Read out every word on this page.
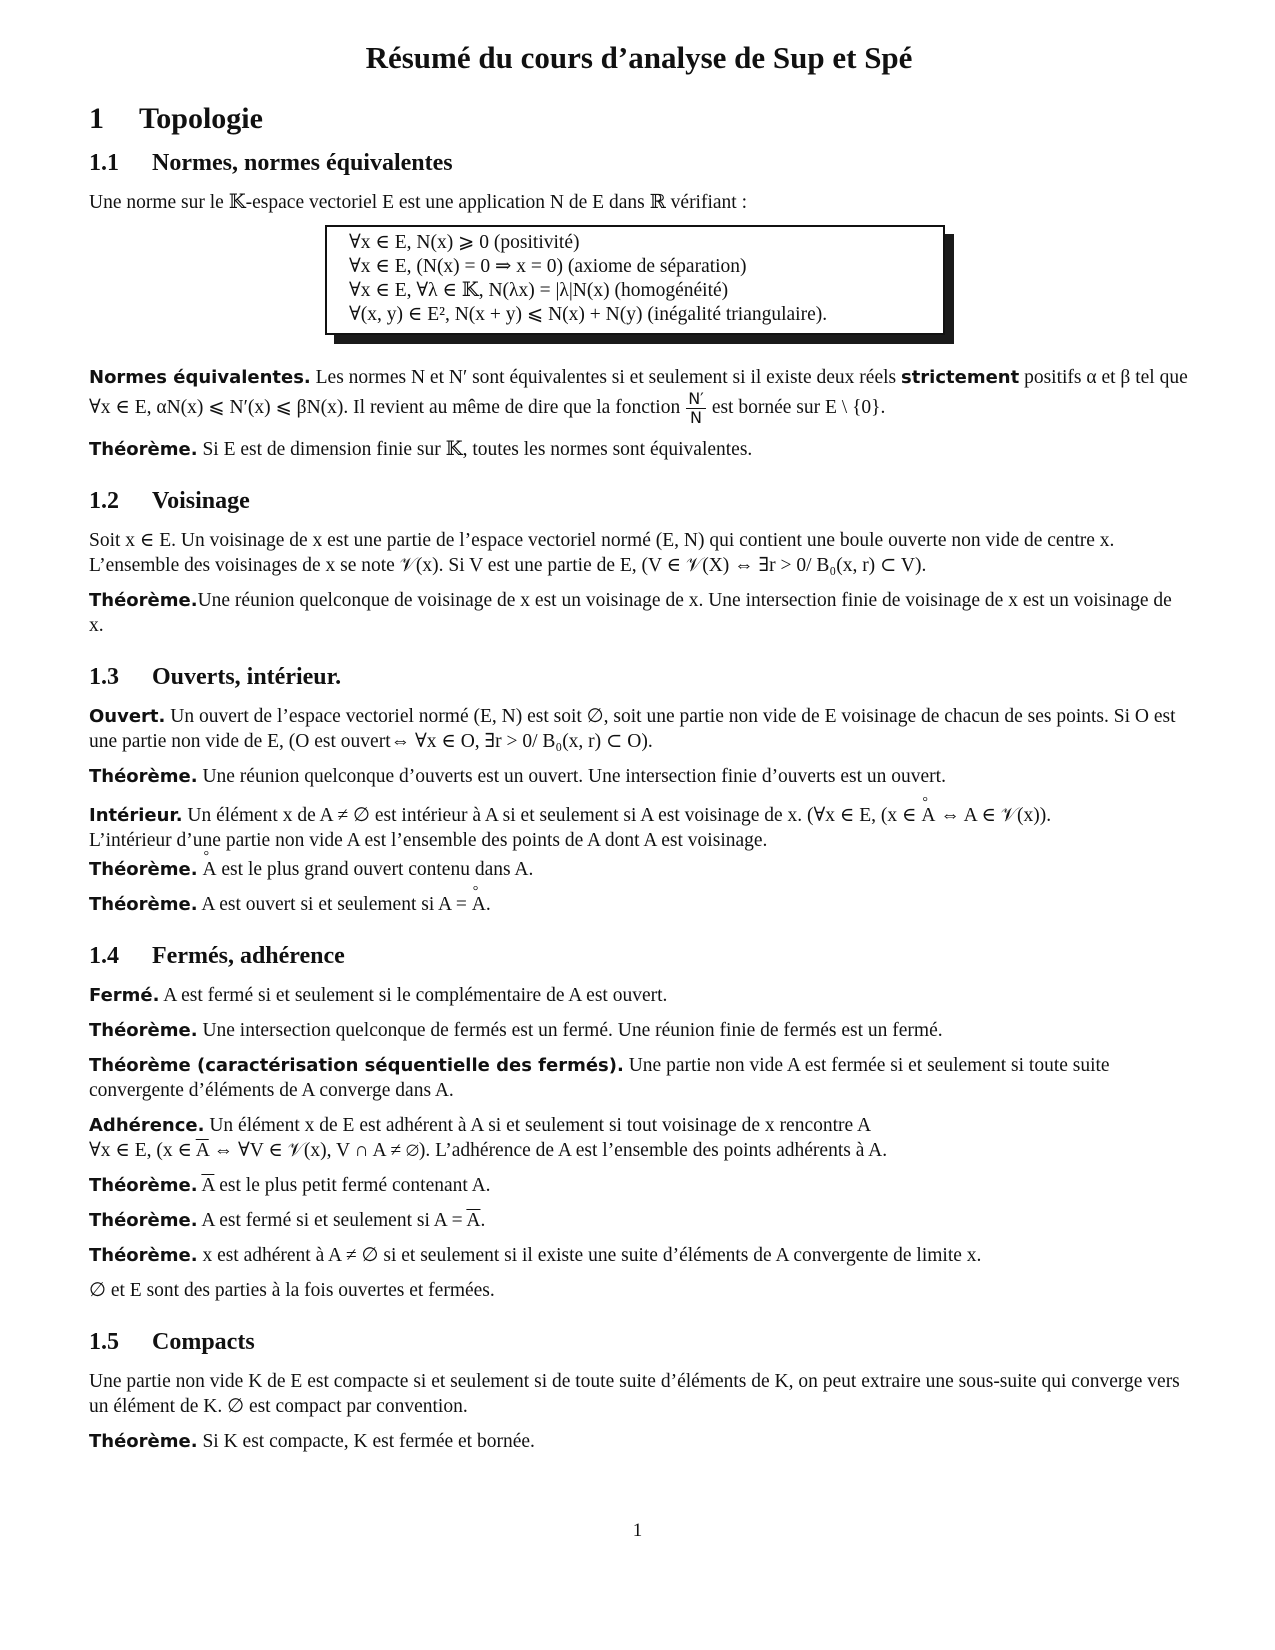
Résumé du cours d’analyse de Sup et Spé
1 Topologie
1.1 Normes, normes équivalentes

Une norme sur le 𝕂-espace vectoriel E est une application N de E dans ℝ vérifiant :

∀x ∈ E, N(x) ⩾ 0 (positivité)
∀x ∈ E, (N(x) = 0 ⇒ x = 0) (axiome de séparation)
∀x ∈ E, ∀λ ∈ 𝕂, N(λx) = |λ|N(x) (homogénéité)
∀(x, y) ∈ E², N(x + y) ⩽ N(x) + N(y) (inégalité triangulaire).

Normes équivalentes. Les normes N et N′ sont équivalentes si et seulement si il existe deux réels strictement positifs α et β tel que ∀x ∈ E, αN(x) ⩽ N′(x) ⩽ βN(x). Il revient au même de dire que la fonction $\frac{N'}{N}$ est bornée sur E \ {0}.

Théorème. Si E est de dimension finie sur 𝕂, toutes les normes sont équivalentes.

1.2 Voisinage

Soit x ∈ E. Un voisinage de x est une partie de l’espace vectoriel normé (E, N) qui contient une boule ouverte non vide de centre x.

L’ensemble des voisinages de x se note 𝒱(x). Si V est une partie de E, (V ∈ 𝒱(X) ⇔ ∃r > 0/ B₀(x, r) ⊂ V).

Théorème.Une réunion quelconque de voisinage de x est un voisinage de x. Une intersection finie de voisinage de x est un voisinage de x.

1.3 Ouverts, intérieur.

Ouvert. Un ouvert de l’espace vectoriel normé (E, N) est soit ∅, soit une partie non vide de E voisinage de chacun de ses points. Si O est une partie non vide de E, (O est ouvert⇔ ∀x ∈ O, ∃r > 0/ B₀(x, r) ⊂ O).

Théorème. Une réunion quelconque d’ouverts est un ouvert. Une intersection finie d’ouverts est un ouvert.

Intérieur. Un élément x de A ≠ ∅ est intérieur à A si et seulement si A est voisinage de x. (∀x ∈ E, (x ∈ ° A ⇔ A ∈ 𝒱(x)).
L’intérieur d’une partie non vide A est l’ensemble des points de A dont A est voisinage.

Théorème. ° A est le plus grand ouvert contenu dans A.

Théorème. A est ouvert si et seulement si A = ° A.

1.4 Fermés, adhérence

Fermé. A est fermé si et seulement si le complémentaire de A est ouvert.

Théorème. Une intersection quelconque de fermés est un fermé. Une réunion finie de fermés est un fermé.

Théorème (caractérisation séquentielle des fermés). Une partie non vide A est fermée si et seulement si toute suite convergente d’éléments de A converge dans A.

Adhérence. Un élément x de E est adhérent à A si et seulement si tout voisinage de x rencontre A
∀x ∈ E, (x ∈ $\overline{A}$ ⇔ ∀V ∈ 𝒱(x), V ∩ A ≠ ∅). L’adhérence de A est l’ensemble des points adhérents à A.

Théorème. $\overline{A}$ est le plus petit fermé contenant A.

Théorème. A est fermé si et seulement si $A = \overline{A}$.

Théorème. x est adhérent à A ≠ ∅ si et seulement si il existe une suite d’éléments de A convergente de limite x.

∅ et E sont des parties à la fois ouvertes et fermées.

1.5 Compacts

Une partie non vide K de E est compacte si et seulement si de toute suite d’éléments de K, on peut extraire une sous-suite qui converge vers un élément de K. ∅ est compact par convention.

Théorème. Si K est compacte, K est fermée et bornée.

1
